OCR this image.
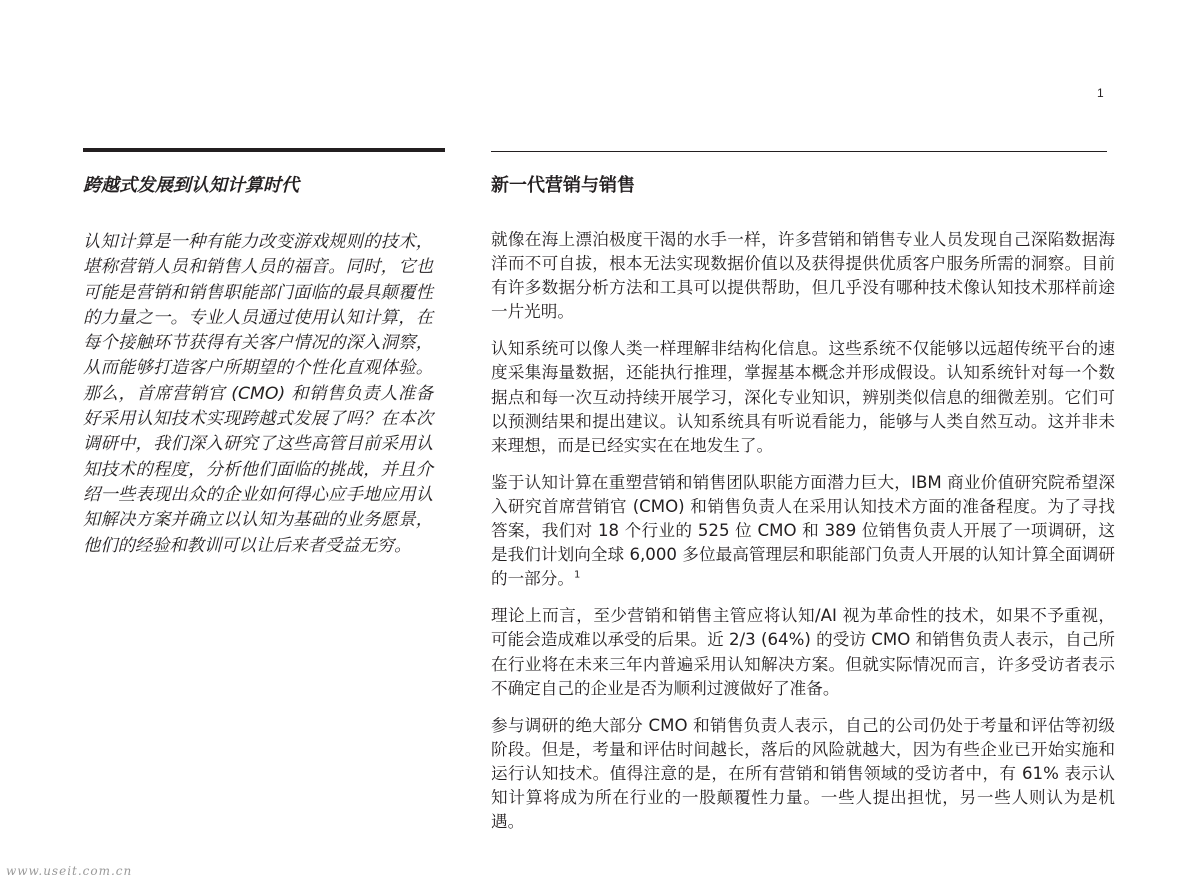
1
跨越式发展到认知计算时代
认知计算是一种有能力改变游戏规则的技术，堪称营销人员和销售人员的福音。同时，它也可能是营销和销售职能部门面临的最具颠覆性的力量之一。专业人员通过使用认知计算，在每个接触环节获得有关客户情况的深入洞察，从而能够打造客户所期望的个性化直观体验。那么，首席营销官 (CMO) 和销售负责人准备好采用认知技术实现跨越式发展了吗？在本次调研中，我们深入研究了这些高管目前采用认知技术的程度，分析他们面临的挑战，并且介绍一些表现出众的企业如何得心应手地应用认知解决方案并确立以认知为基础的业务愿景，他们的经验和教训可以让后来者受益无穷。
新一代营销与销售

就像在海上漂泊极度干渴的水手一样，许多营销和销售专业人员发现自己深陷数据海洋而不可自拔，根本无法实现数据价值以及获得提供优质客户服务所需的洞察。目前有许多数据分析方法和工具可以提供帮助，但几乎没有哪种技术像认知技术那样前途一片光明。

认知系统可以像人类一样理解非结构化信息。这些系统不仅能够以远超传统平台的速度采集海量数据，还能执行推理，掌握基本概念并形成假设。认知系统针对每一个数据点和每一次互动持续开展学习，深化专业知识，辨别类似信息的细微差别。它们可以预测结果和提出建议。认知系统具有听说看能力，能够与人类自然互动。这并非未来理想，而是已经实实在在地发生了。

鉴于认知计算在重塑营销和销售团队职能方面潜力巨大，IBM 商业价值研究院希望深入研究首席营销官 (CMO) 和销售负责人在采用认知技术方面的准备程度。为了寻找答案，我们对 18 个行业的 525 位 CMO 和 389 位销售负责人开展了一项调研，这是我们计划向全球 6,000 多位最高管理层和职能部门负责人开展的认知计算全面调研的一部分。$^1$

理论上而言，至少营销和销售主管应将认知/AI 视为革命性的技术，如果不予重视，可能会造成难以承受的后果。近 2/3 (64%) 的受访 CMO 和销售负责人表示，自己所在行业将在未来三年内普遍采用认知解决方案。但就实际情况而言，许多受访者表示不确定自己的企业是否为顺利过渡做好了准备。

参与调研的绝大部分 CMO 和销售负责人表示，自己的公司仍处于考量和评估等初级阶段。但是，考量和评估时间越长，落后的风险就越大，因为有些企业已开始实施和运行认知技术。值得注意的是，在所有营销和销售领域的受访者中，有 61% 表示认知计算将成为所在行业的一股颠覆性力量。一些人提出担忧，另一些人则认为是机遇。

www.useit.com.cn
